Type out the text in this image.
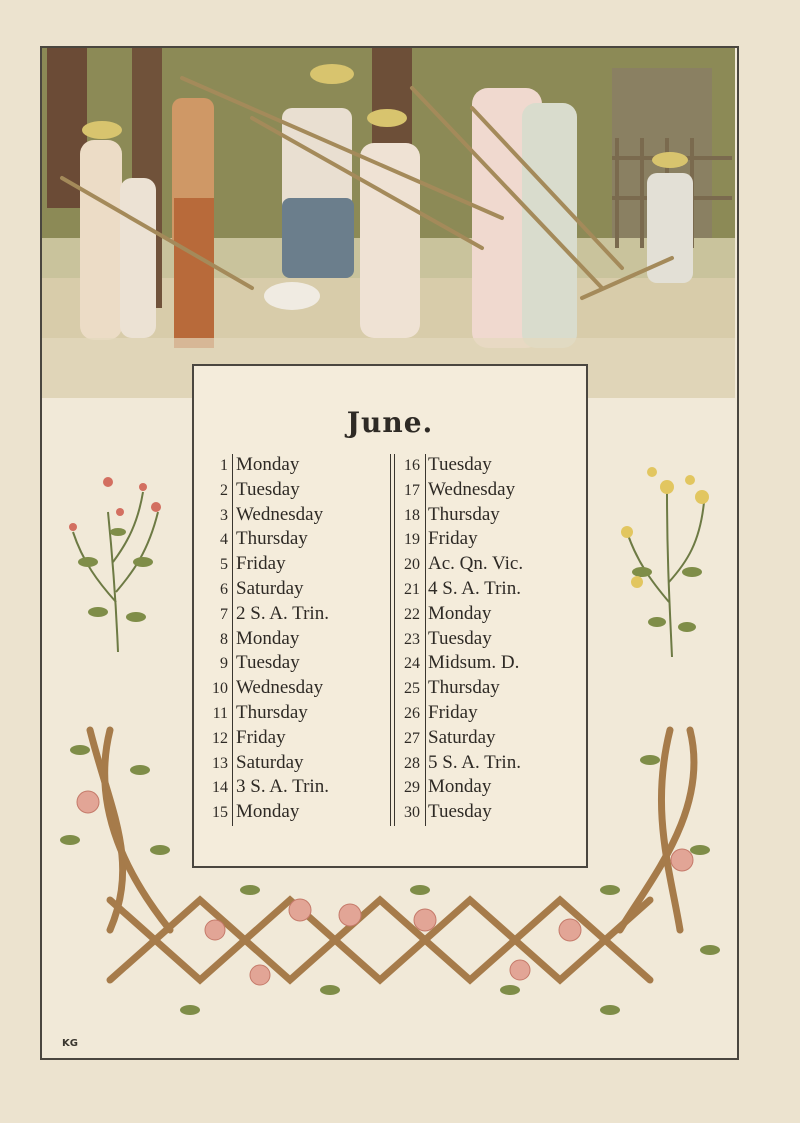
June.
1 Monday
2 Tuesday
3 Wednesday
4 Thursday
5 Friday
6 Saturday
7 2 S. A. Trin.
8 Monday
9 Tuesday
10 Wednesday
11 Thursday
12 Friday
13 Saturday
14 3 S. A. Trin.
15 Monday
16 Tuesday
17 Wednesday
18 Thursday
19 Friday
20 Ac. Qn. Vic.
21 4 S. A. Trin.
22 Monday
23 Tuesday
24 Midsum. D.
25 Thursday
26 Friday
27 Saturday
28 5 S. A. Trin.
29 Monday
30 Tuesday
KG
